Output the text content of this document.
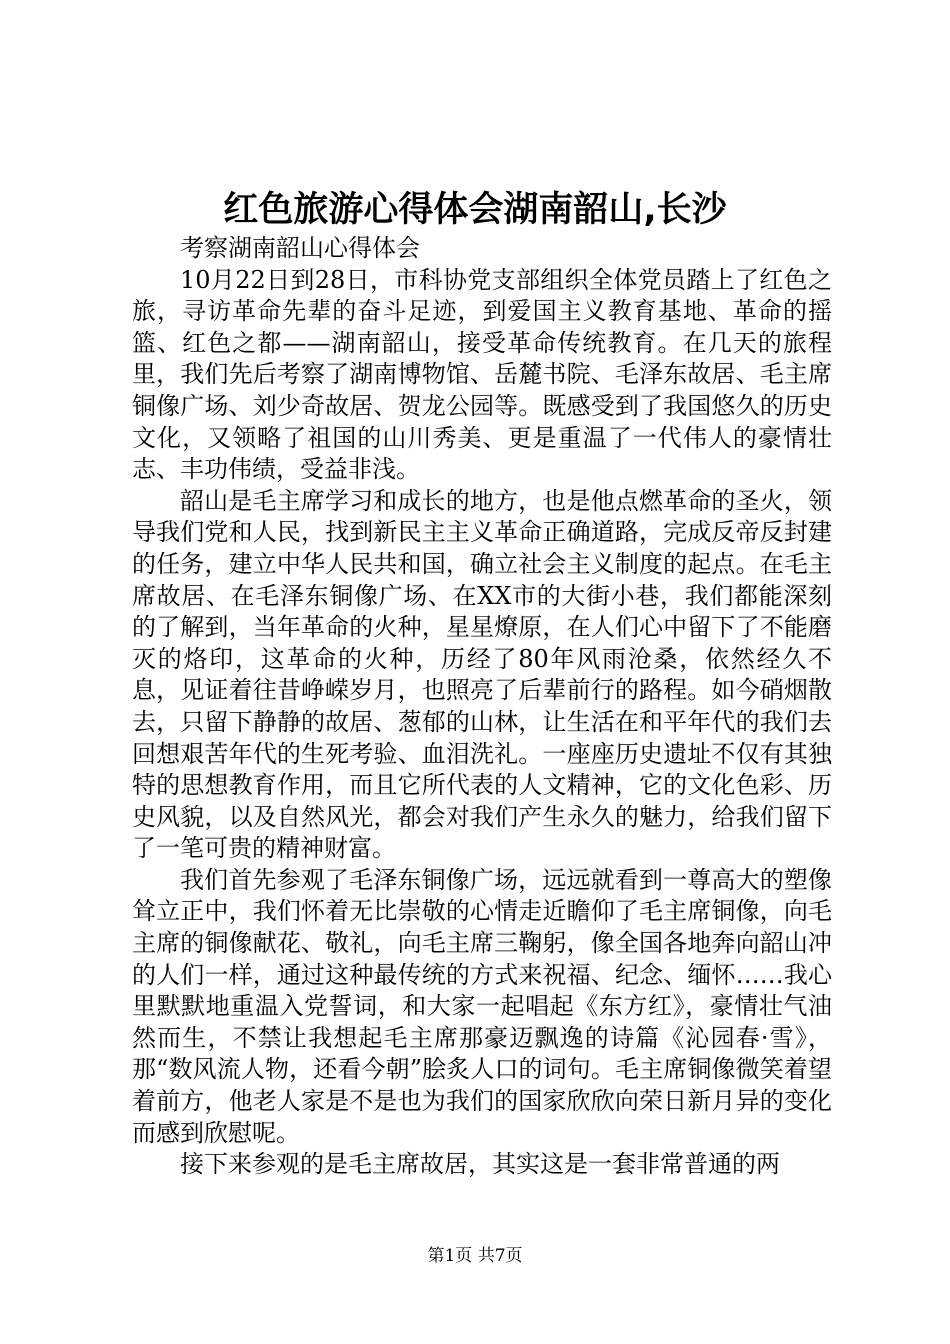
红色旅游心得体会湖南韶山,长沙

考察湖南韶山心得体会

10月22日到28日，市科协党支部组织全体党员踏上了红色之旅，寻访革命先辈的奋斗足迹，到爱国主义教育基地、革命的摇篮、红色之都——湖南韶山，接受革命传统教育。在几天的旅程里，我们先后考察了湖南博物馆、岳麓书院、毛泽东故居、毛主席铜像广场、刘少奇故居、贺龙公园等。既感受到了我国悠久的历史文化，又领略了祖国的山川秀美、更是重温了一代伟人的豪情壮志、丰功伟绩，受益非浅。

韶山是毛主席学习和成长的地方，也是他点燃革命的圣火，领导我们党和人民，找到新民主主义革命正确道路，完成反帝反封建的任务，建立中华人民共和国，确立社会主义制度的起点。在毛主席故居、在毛泽东铜像广场、在XX市的大街小巷，我们都能深刻的了解到，当年革命的火种，星星燎原，在人们心中留下了不能磨灭的烙印，这革命的火种，历经了80年风雨沧桑，依然经久不息，见证着往昔峥嵘岁月，也照亮了后辈前行的路程。如今硝烟散去，只留下静静的故居、葱郁的山林，让生活在和平年代的我们去回想艰苦年代的生死考验、血泪洗礼。一座座历史遗址不仅有其独特的思想教育作用，而且它所代表的人文精神，它的文化色彩、历史风貌，以及自然风光，都会对我们产生永久的魅力，给我们留下了一笔可贵的精神财富。

我们首先参观了毛泽东铜像广场，远远就看到一尊高大的塑像耸立正中，我们怀着无比崇敬的心情走近瞻仰了毛主席铜像，向毛主席的铜像献花、敬礼，向毛主席三鞠躬，像全国各地奔向韶山冲的人们一样，通过这种最传统的方式来祝福、纪念、缅怀……我心里默默地重温入党誓词，和大家一起唱起《东方红》，豪情壮气油然而生，不禁让我想起毛主席那豪迈飘逸的诗篇《沁园春·雪》，那“数风流人物，还看今朝”脍炙人口的词句。毛主席铜像微笑着望着前方，他老人家是不是也为我们的国家欣欣向荣日新月异的变化而感到欣慰呢。

接下来参观的是毛主席故居，其实这是一套非常普通的两

第1页 共7页
